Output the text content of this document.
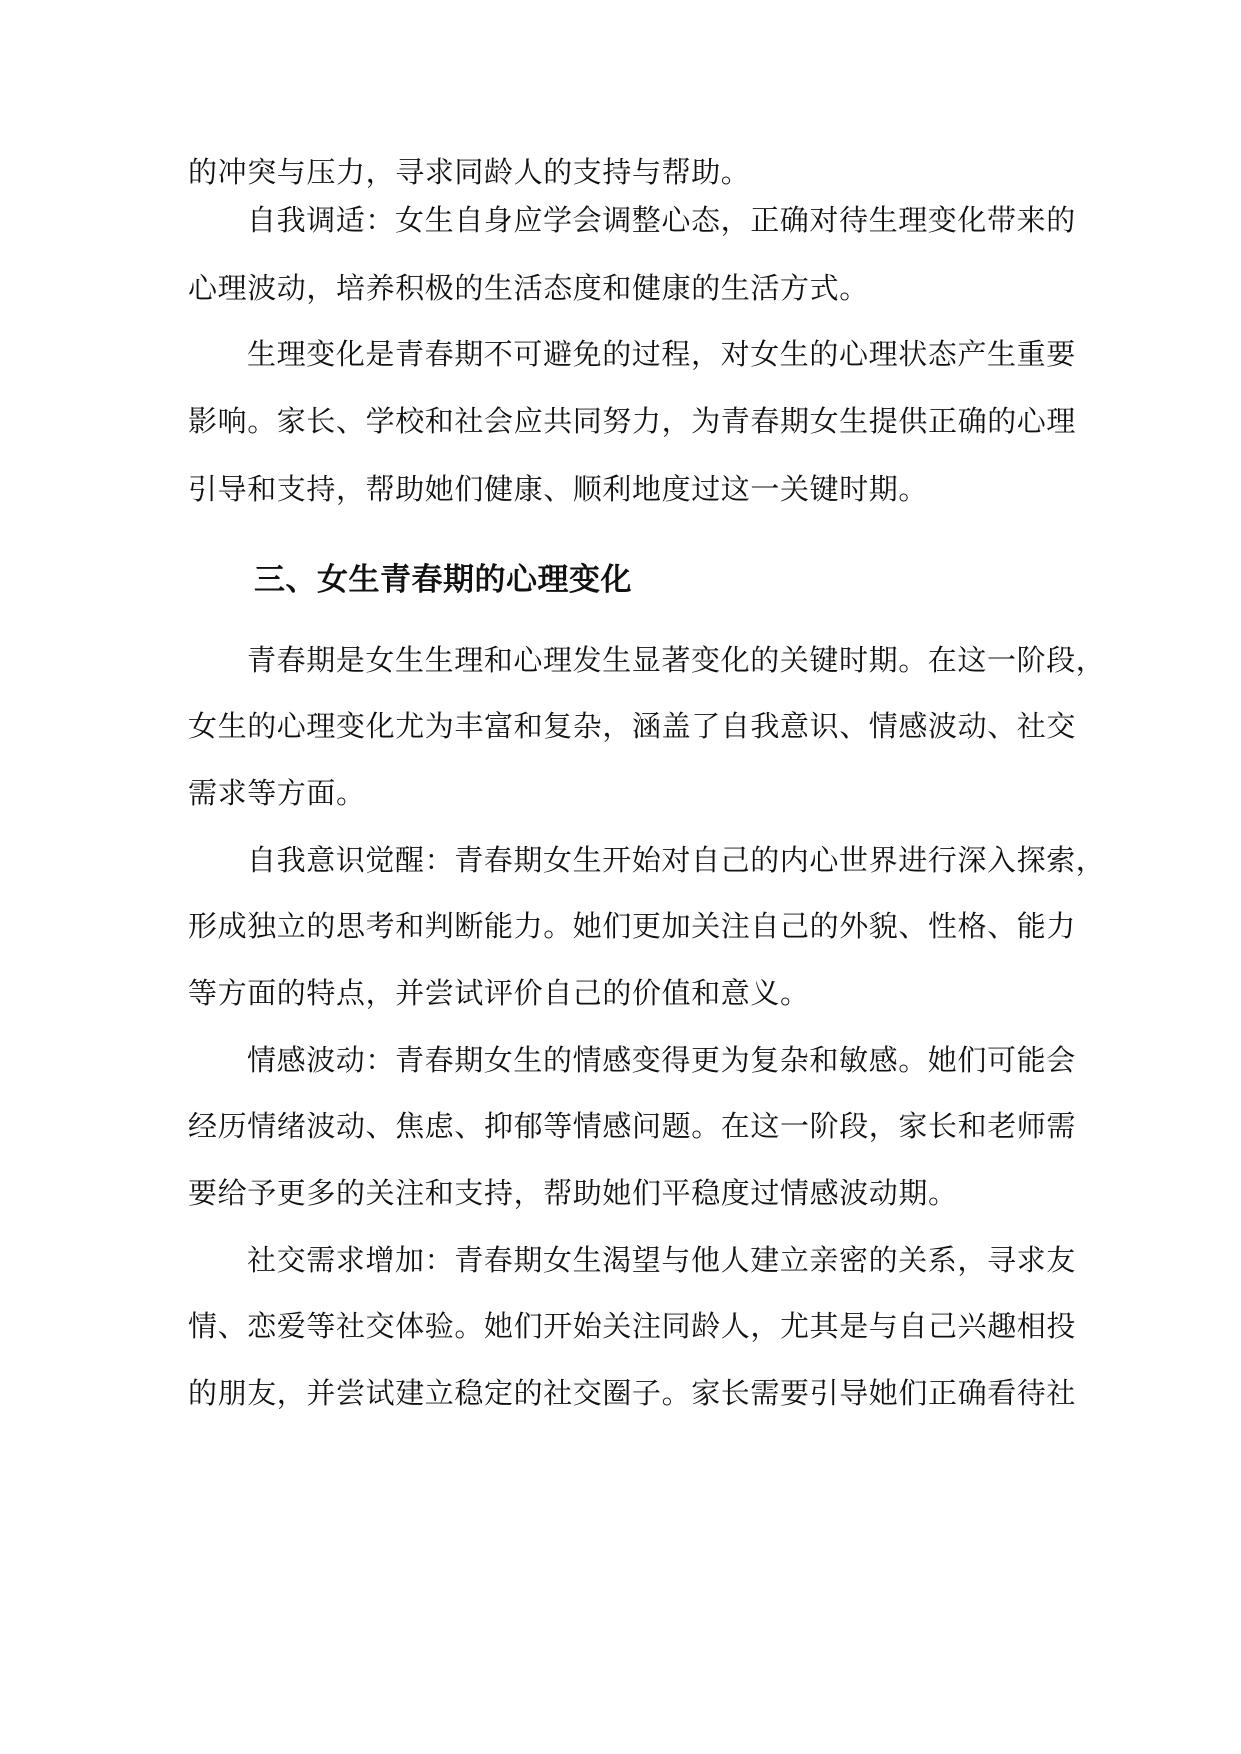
的冲突与压力，寻求同龄人的支持与帮助。
自我调适：女生自身应学会调整心态，正确对待生理变化带来的
心理波动，培养积极的生活态度和健康的生活方式。
生理变化是青春期不可避免的过程，对女生的心理状态产生重要
影响。家长、学校和社会应共同努力，为青春期女生提供正确的心理
引导和支持，帮助她们健康、顺利地度过这一关键时期。
三、女生青春期的心理变化
青春期是女生生理和心理发生显著变化的关键时期。在这一阶段，
女生的心理变化尤为丰富和复杂，涵盖了自我意识、情感波动、社交
需求等方面。
自我意识觉醒：青春期女生开始对自己的内心世界进行深入探索，
形成独立的思考和判断能力。她们更加关注自己的外貌、性格、能力
等方面的特点，并尝试评价自己的价值和意义。
情感波动：青春期女生的情感变得更为复杂和敏感。她们可能会
经历情绪波动、焦虑、抑郁等情感问题。在这一阶段，家长和老师需
要给予更多的关注和支持，帮助她们平稳度过情感波动期。
社交需求增加：青春期女生渴望与他人建立亲密的关系，寻求友
情、恋爱等社交体验。她们开始关注同龄人，尤其是与自己兴趣相投
的朋友，并尝试建立稳定的社交圈子。家长需要引导她们正确看待社
